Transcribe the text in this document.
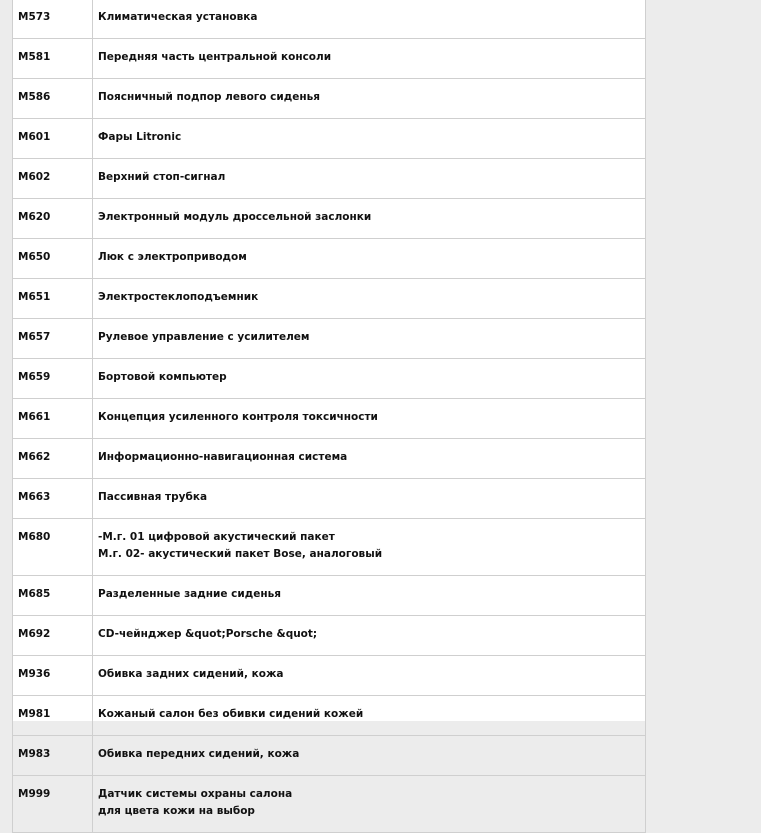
M573	Климатическая установка

M581	Передняя часть центральной консоли

M586	Поясничный подпор левого сиденья

M601	Фары Litronic

M602	Верхний стоп-сигнал

M620	Электронный модуль дроссельной заслонки

M650	Люк с электроприводом

M651	Электростеклоподъемник

M657	Рулевое управление с усилителем

M659	Бортовой компьютер

M661	Концепция усиленного контроля токсичности

M662	Информационно-навигационная система

M663	Пассивная трубка

M680	-M.г. 01 цифровой акустический пакет
M.г. 02- акустический пакет Bose, аналоговый

M685	Разделенные задние сиденья

M692	CD-чейнджер &quot;Porsche &quot;

M936	Обивка задних сидений, кожа

M981	Кожаный салон без обивки сидений кожей

M983	Обивка передних сидений, кожа

M999	Датчик системы охраны салона
для цвета кожи на выбор
